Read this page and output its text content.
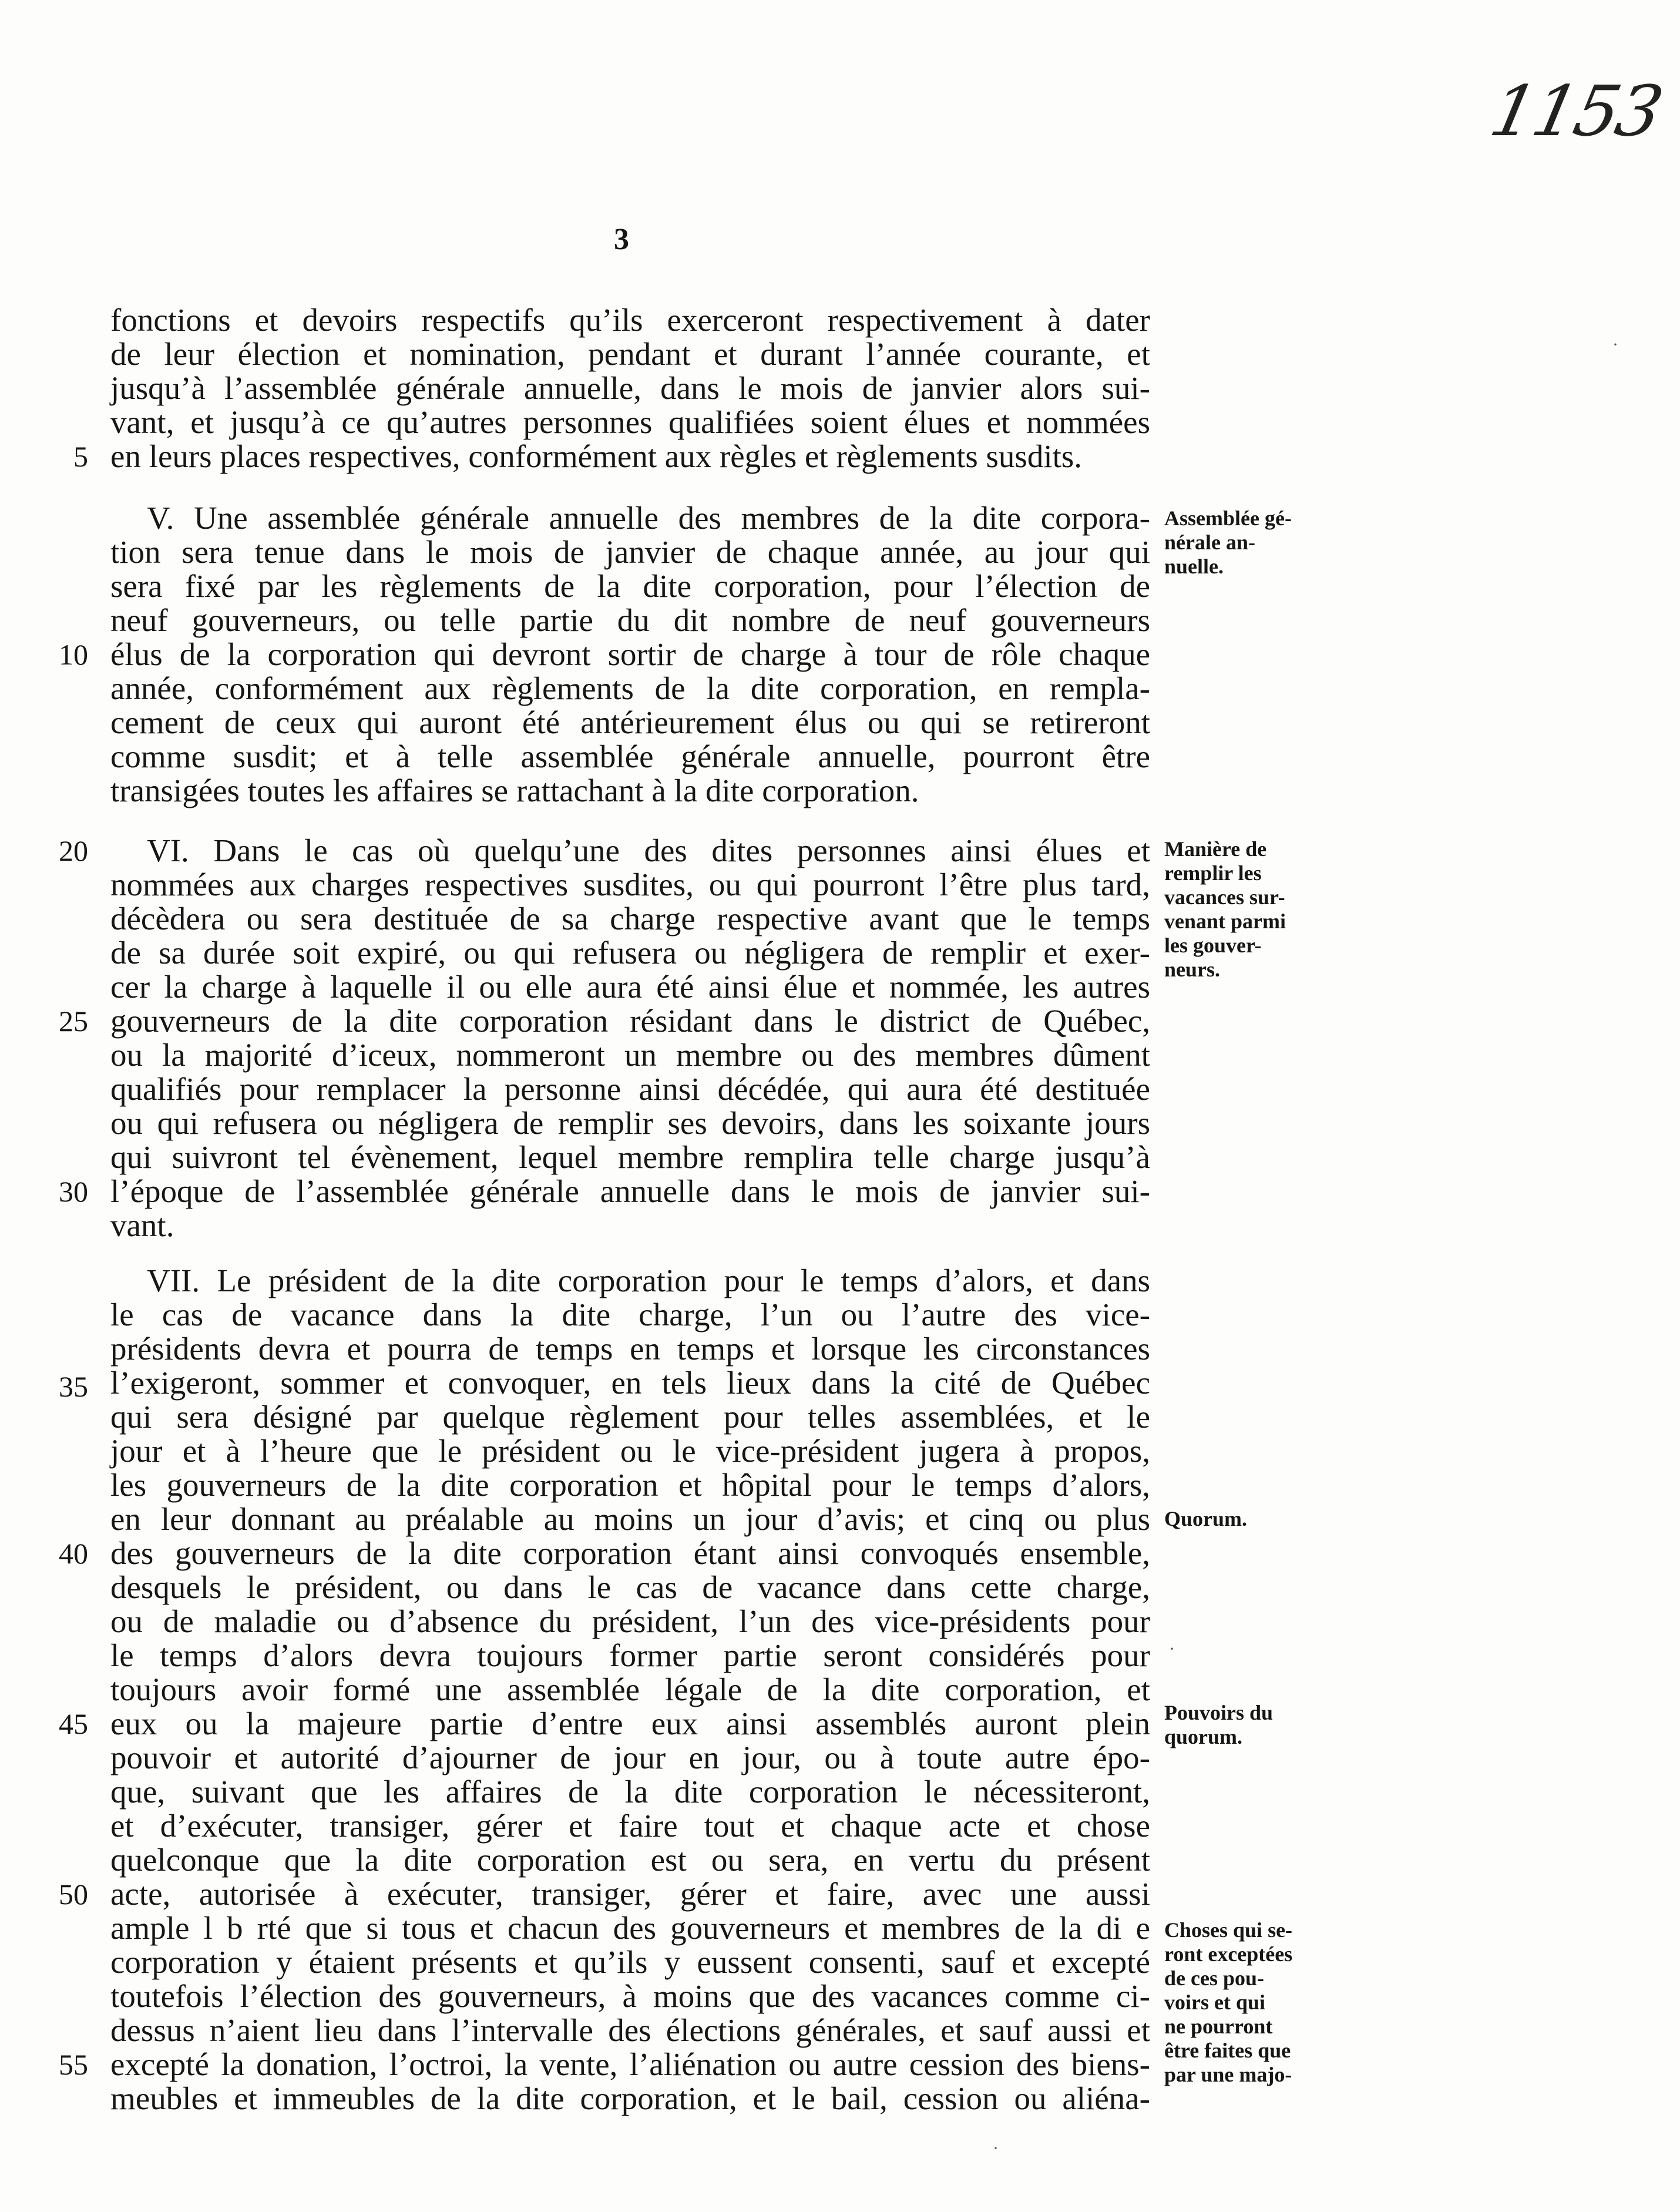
1153
3
fonctions et devoirs respectifs qu’ils exerceront respectivement à dater
de leur élection et nomination, pendant et durant l’année courante, et
jusqu’à l’assemblée générale annuelle, dans le mois de janvier alors sui-
vant, et jusqu’à ce qu’autres personnes qualifiées soient élues et nommées
en leurs places respectives, conformément aux règles et règlements susdits.
V. Une assemblée générale annuelle des membres de la dite corpora-
tion sera tenue dans le mois de janvier de chaque année, au jour qui
sera fixé par les règlements de la dite corporation, pour l’élection de
neuf gouverneurs, ou telle partie du dit nombre de neuf gouverneurs
élus de la corporation qui devront sortir de charge à tour de rôle chaque
année, conformément aux règlements de la dite corporation, en rempla-
cement de ceux qui auront été antérieurement élus ou qui se retireront
comme susdit; et à telle assemblée générale annuelle, pourront être
transigées toutes les affaires se rattachant à la dite corporation.
VI. Dans le cas où quelqu’une des dites personnes ainsi élues et
nommées aux charges respectives susdites, ou qui pourront l’être plus tard,
décèdera ou sera destituée de sa charge respective avant que le temps
de sa durée soit expiré, ou qui refusera ou négligera de remplir et exer-
cer la charge à laquelle il ou elle aura été ainsi élue et nommée, les autres
gouverneurs de la dite corporation résidant dans le district de Québec,
ou la majorité d’iceux, nommeront un membre ou des membres dûment
qualifiés pour remplacer la personne ainsi décédée, qui aura été destituée
ou qui refusera ou négligera de remplir ses devoirs, dans les soixante jours
qui suivront tel évènement, lequel membre remplira telle charge jusqu’à
l’époque de l’assemblée générale annuelle dans le mois de janvier sui-
vant.
VII. Le président de la dite corporation pour le temps d’alors, et dans
le cas de vacance dans la dite charge, l’un ou l’autre des vice-
présidents devra et pourra de temps en temps et lorsque les circonstances
l’exigeront, sommer et convoquer, en tels lieux dans la cité de Québec
qui sera désigné par quelque règlement pour telles assemblées, et le
jour et à l’heure que le président ou le vice-président jugera à propos,
les gouverneurs de la dite corporation et hôpital pour le temps d’alors,
en leur donnant au préalable au moins un jour d’avis; et cinq ou plus
des gouverneurs de la dite corporation étant ainsi convoqués ensemble,
desquels le président, ou dans le cas de vacance dans cette charge,
ou de maladie ou d’absence du président, l’un des vice-présidents pour
le temps d’alors devra toujours former partie seront considérés pour
toujours avoir formé une assemblée légale de la dite corporation, et
eux ou la majeure partie d’entre eux ainsi assemblés auront plein
pouvoir et autorité d’ajourner de jour en jour, ou à toute autre épo-
que, suivant que les affaires de la dite corporation le nécessiteront,
et d’exécuter, transiger, gérer et faire tout et chaque acte et chose
quelconque que la dite corporation est ou sera, en vertu du présent
acte, autorisée à exécuter, transiger, gérer et faire, avec une aussi
ample l b rté que si tous et chacun des gouverneurs et membres de la di e
corporation y étaient présents et qu’ils y eussent consenti, sauf et excepté
toutefois l’élection des gouverneurs, à moins que des vacances comme ci-
dessus n’aient lieu dans l’intervalle des élections générales, et sauf aussi et
excepté la donation, l’octroi, la vente, l’aliénation ou autre cession des biens-
meubles et immeubles de la dite corporation, et le bail, cession ou aliéna-
5
10
20
25
30
35
40
45
50
55
Assemblée gé-
nérale an-
nuelle.
Manière de
remplir les
vacances sur-
venant parmi
les gouver-
neurs.
Quorum.
Pouvoirs du
quorum.
Choses qui se-
ront exceptées
de ces pou-
voirs et qui
ne pourront
être faites que
par une majo-
·
·
·
